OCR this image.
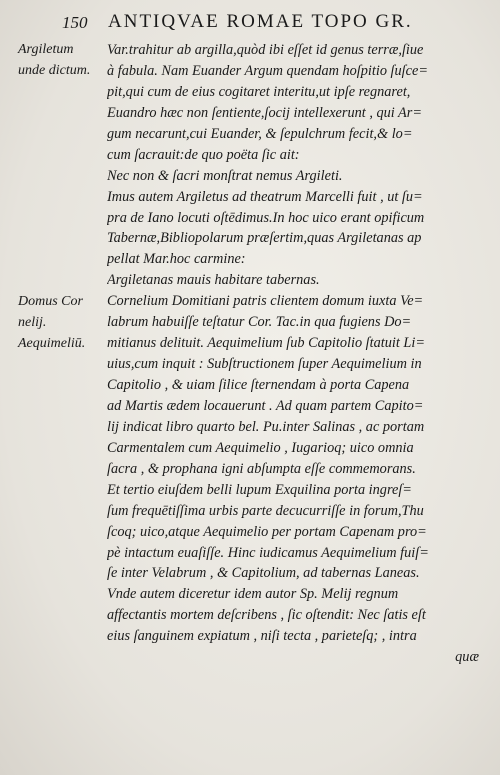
150 ANTIQVAE ROMAE TOPO GR.
Argiletum
unde dictum.
Domus Cor
nelij.
Aequimeliū.
Var.trahitur ab argilla,quòd ibi eſſet id genus terræ,ſiue
à fabula. Nam Euander Argum quendam hoſpitio ſuſce=
pit,qui cum de eius cogitaret interitu,ut ipſe regnaret,
Euandro hæc non ſentiente,ſocij intellexerunt , qui Ar=
gum necarunt,cui Euander, & ſepulchrum fecit,& lo=
cum ſacrauit:de quo poëta ſic ait:
Nec non & ſacri monſtrat nemus Argileti.
Imus autem Argiletus ad theatrum Marcelli fuit , ut ſu=
pra de Iano locuti oſtēdimus.In hoc uico erant opificum
Tabernæ,Bibliopolarum præſertim,quas Argiletanas ap
pellat Mar.hoc carmine:
Argiletanas mauis habitare tabernas.
Cornelium Domitiani patris clientem domum iuxta Ve=
labrum habuiſſe teſtatur Cor. Tac.in qua fugiens Do=
mitianus delituit. Aequimelium ſub Capitolio ſtatuit Li=
uius,cum inquit : Subſtructionem ſuper Aequimelium in
Capitolio , & uiam ſilice ſternendam à porta Capena
ad Martis ædem locauerunt . Ad quam partem Capito=
lij indicat libro quarto bel. Pu.inter Salinas , ac portam
Carmentalem cum Aequimelio , Iugarioq; uico omnia
ſacra , & prophana igni abſumpta eſſe commemorans.
Et tertio eiuſdem belli lupum Exquilina porta ingreſ=
ſum frequētiſſima urbis parte decucurriſſe in forum,Thu
ſcoq; uico,atque Aequimelio per portam Capenam pro=
pè intactum euaſiſſe. Hinc iudicamus Aequimelium fuiſ=
ſe inter Velabrum , & Capitolium, ad tabernas Laneas.
Vnde autem diceretur idem autor Sp. Melij regnum
affectantis mortem deſcribens , ſic oſtendit: Nec ſatis eſt
eius ſanguinem expiatum , niſi tecta , parieteſq; , intra
quæ
